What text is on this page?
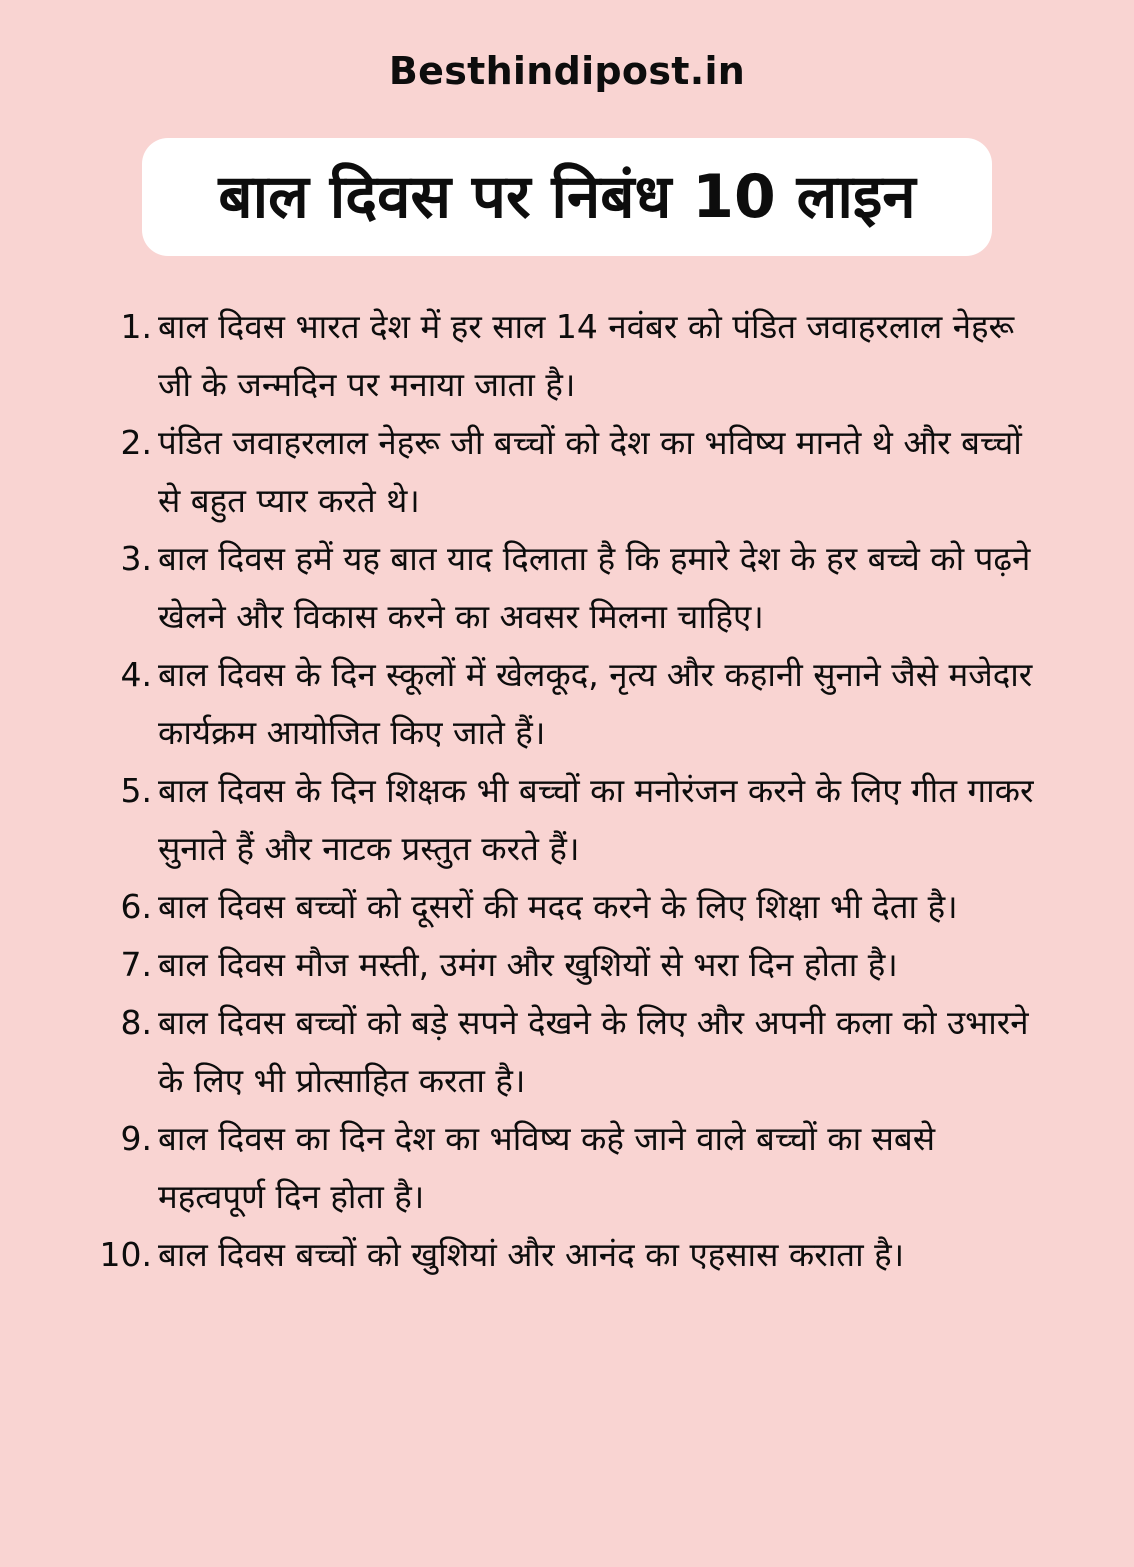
Besthindipost.in
बाल दिवस पर निबंध 10 लाइन
1. बाल दिवस भारत देश में हर साल 14 नवंबर को पंडित जवाहरलाल नेहरू जी के जन्मदिन पर मनाया जाता है।
2. पंडित जवाहरलाल नेहरू जी बच्चों को देश का भविष्य मानते थे और बच्चों से बहुत प्यार करते थे।
3. बाल दिवस हमें यह बात याद दिलाता है कि हमारे देश के हर बच्चे को पढ़ने खेलने और विकास करने का अवसर मिलना चाहिए।
4. बाल दिवस के दिन स्कूलों में खेलकूद, नृत्य और कहानी सुनाने जैसे मजेदार कार्यक्रम आयोजित किए जाते हैं।
5. बाल दिवस के दिन शिक्षक भी बच्चों का मनोरंजन करने के लिए गीत गाकर सुनाते हैं और नाटक प्रस्तुत करते हैं।
6. बाल दिवस बच्चों को दूसरों की मदद करने के लिए शिक्षा भी देता है।
7. बाल दिवस मौज मस्ती, उमंग और खुशियों से भरा दिन होता है।
8. बाल दिवस बच्चों को बड़े सपने देखने के लिए और अपनी कला को उभारने के लिए भी प्रोत्साहित करता है।
9. बाल दिवस का दिन देश का भविष्य कहे जाने वाले बच्चों का सबसे महत्वपूर्ण दिन होता है।
10. बाल दिवस बच्चों को खुशियां और आनंद का एहसास कराता है।
